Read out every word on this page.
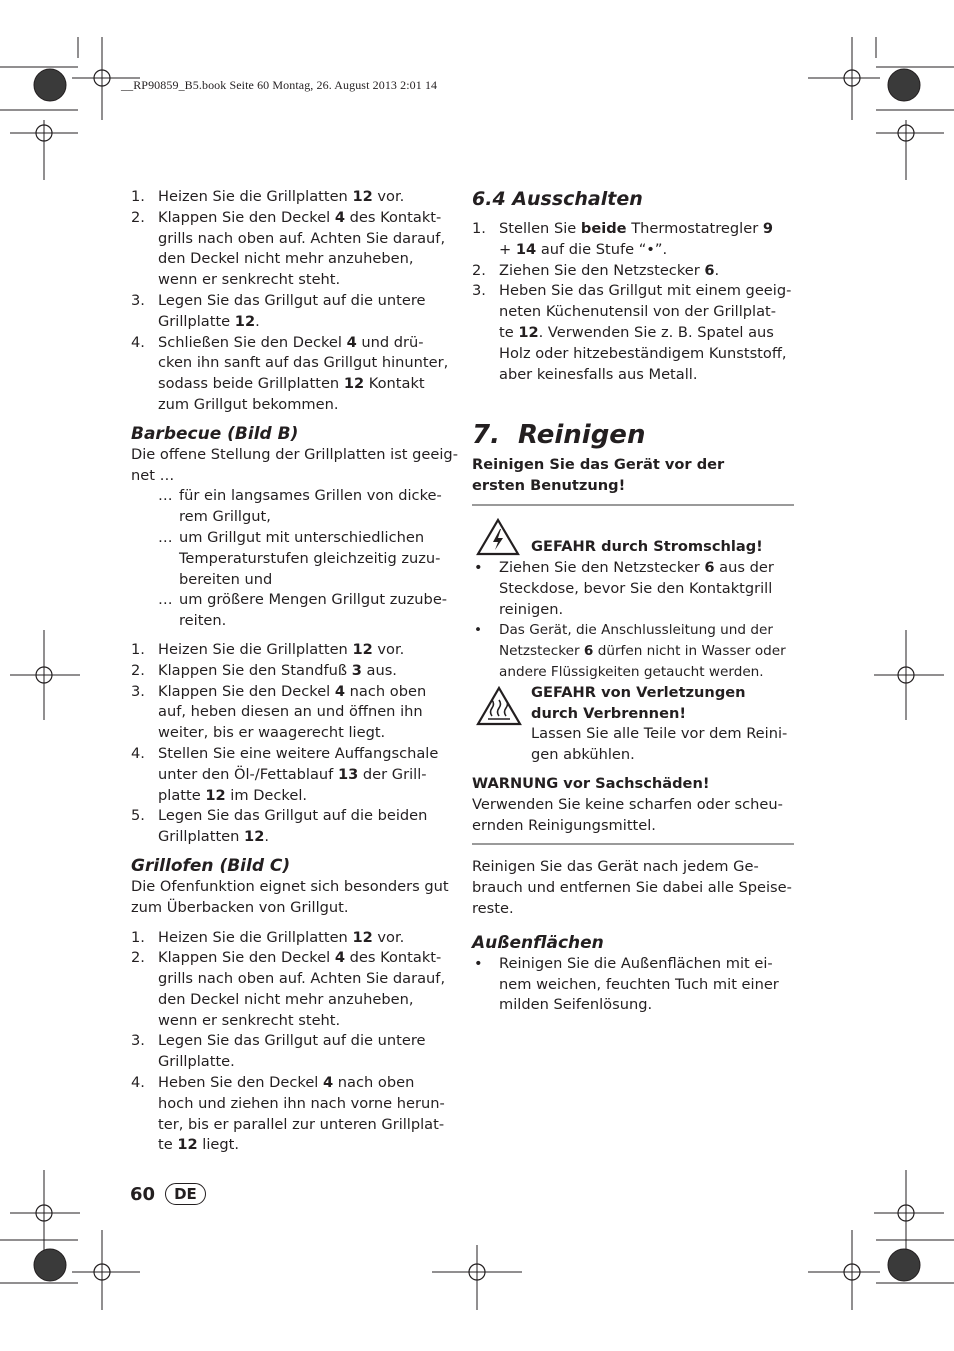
__RP90859_B5.book Seite 60 Montag, 26. August 2013 2:01 14
1. Heizen Sie die Grillplatten 12 vor.
2. Klappen Sie den Deckel 4 des Kontakt-
grills nach oben auf. Achten Sie darauf,
den Deckel nicht mehr anzuheben,
wenn er senkrecht steht.
3. Legen Sie das Grillgut auf die untere
Grillplatte 12.
4. Schließen Sie den Deckel 4 und drü-
cken ihn sanft auf das Grillgut hinunter,
sodass beide Grillplatten 12 Kontakt
zum Grillgut bekommen.

Barbecue (Bild B)

Die offene Stellung der Grillplatten ist geeig-
net …

… für ein langsames Grillen von dicke-
rem Grillgut,
… um Grillgut mit unterschiedlichen
Temperaturstufen gleichzeitig zuzu-
bereiten und
… um größere Mengen Grillgut zuzube-
reiten.
1. Heizen Sie die Grillplatten 12 vor.
2. Klappen Sie den Standfuß 3 aus.
3. Klappen Sie den Deckel 4 nach oben
auf, heben diesen an und öffnen ihn
weiter, bis er waagerecht liegt.
4. Stellen Sie eine weitere Auffangschale
unter den Öl-/Fettablauf 13 der Grill-
platte 12 im Deckel.
5. Legen Sie das Grillgut auf die beiden
Grillplatten 12.

Grillofen (Bild C)

Die Ofenfunktion eignet sich besonders gut
zum Überbacken von Grillgut.

1. Heizen Sie die Grillplatten 12 vor.
2. Klappen Sie den Deckel 4 des Kontakt-
grills nach oben auf. Achten Sie darauf,
den Deckel nicht mehr anzuheben,
wenn er senkrecht steht.
3. Legen Sie das Grillgut auf die untere
Grillplatte.
4. Heben Sie den Deckel 4 nach oben
hoch und ziehen ihn nach vorne herun-
ter, bis er parallel zur unteren Grillplat-
te 12 liegt.

6.4 Ausschalten

1. Stellen Sie beide Thermostatregler 9
+ 14 auf die Stufe “•”.
2. Ziehen Sie den Netzstecker 6.
3. Heben Sie das Grillgut mit einem geeig-
neten Küchenutensil von der Grillplat-
te 12. Verwenden Sie z. B. Spatel aus
Holz oder hitzebeständigem Kunststoff,
aber keinesfalls aus Metall.

7. Reinigen

Reinigen Sie das Gerät vor der
ersten Benutzung!

GEFAHR durch Stromschlag!
• Ziehen Sie den Netzstecker 6 aus der
Steckdose, bevor Sie den Kontaktgrill
reinigen.
• Das Gerät, die Anschlussleitung und der
Netzstecker 6 dürfen nicht in Wasser oder
andere Flüssigkeiten getaucht werden.

GEFAHR von Verletzungen
durch Verbrennen!

Lassen Sie alle Teile vor dem Reini-
gen abkühlen.

WARNUNG vor Sachschäden!

Verwenden Sie keine scharfen oder scheu-
ernden Reinigungsmittel.

Reinigen Sie das Gerät nach jedem Ge-
brauch und entfernen Sie dabei alle Speise-
reste.

Außenflächen

• Reinigen Sie die Außenflächen mit ei-
nem weichen, feuchten Tuch mit einer
milden Seifenlösung.
60	DE
